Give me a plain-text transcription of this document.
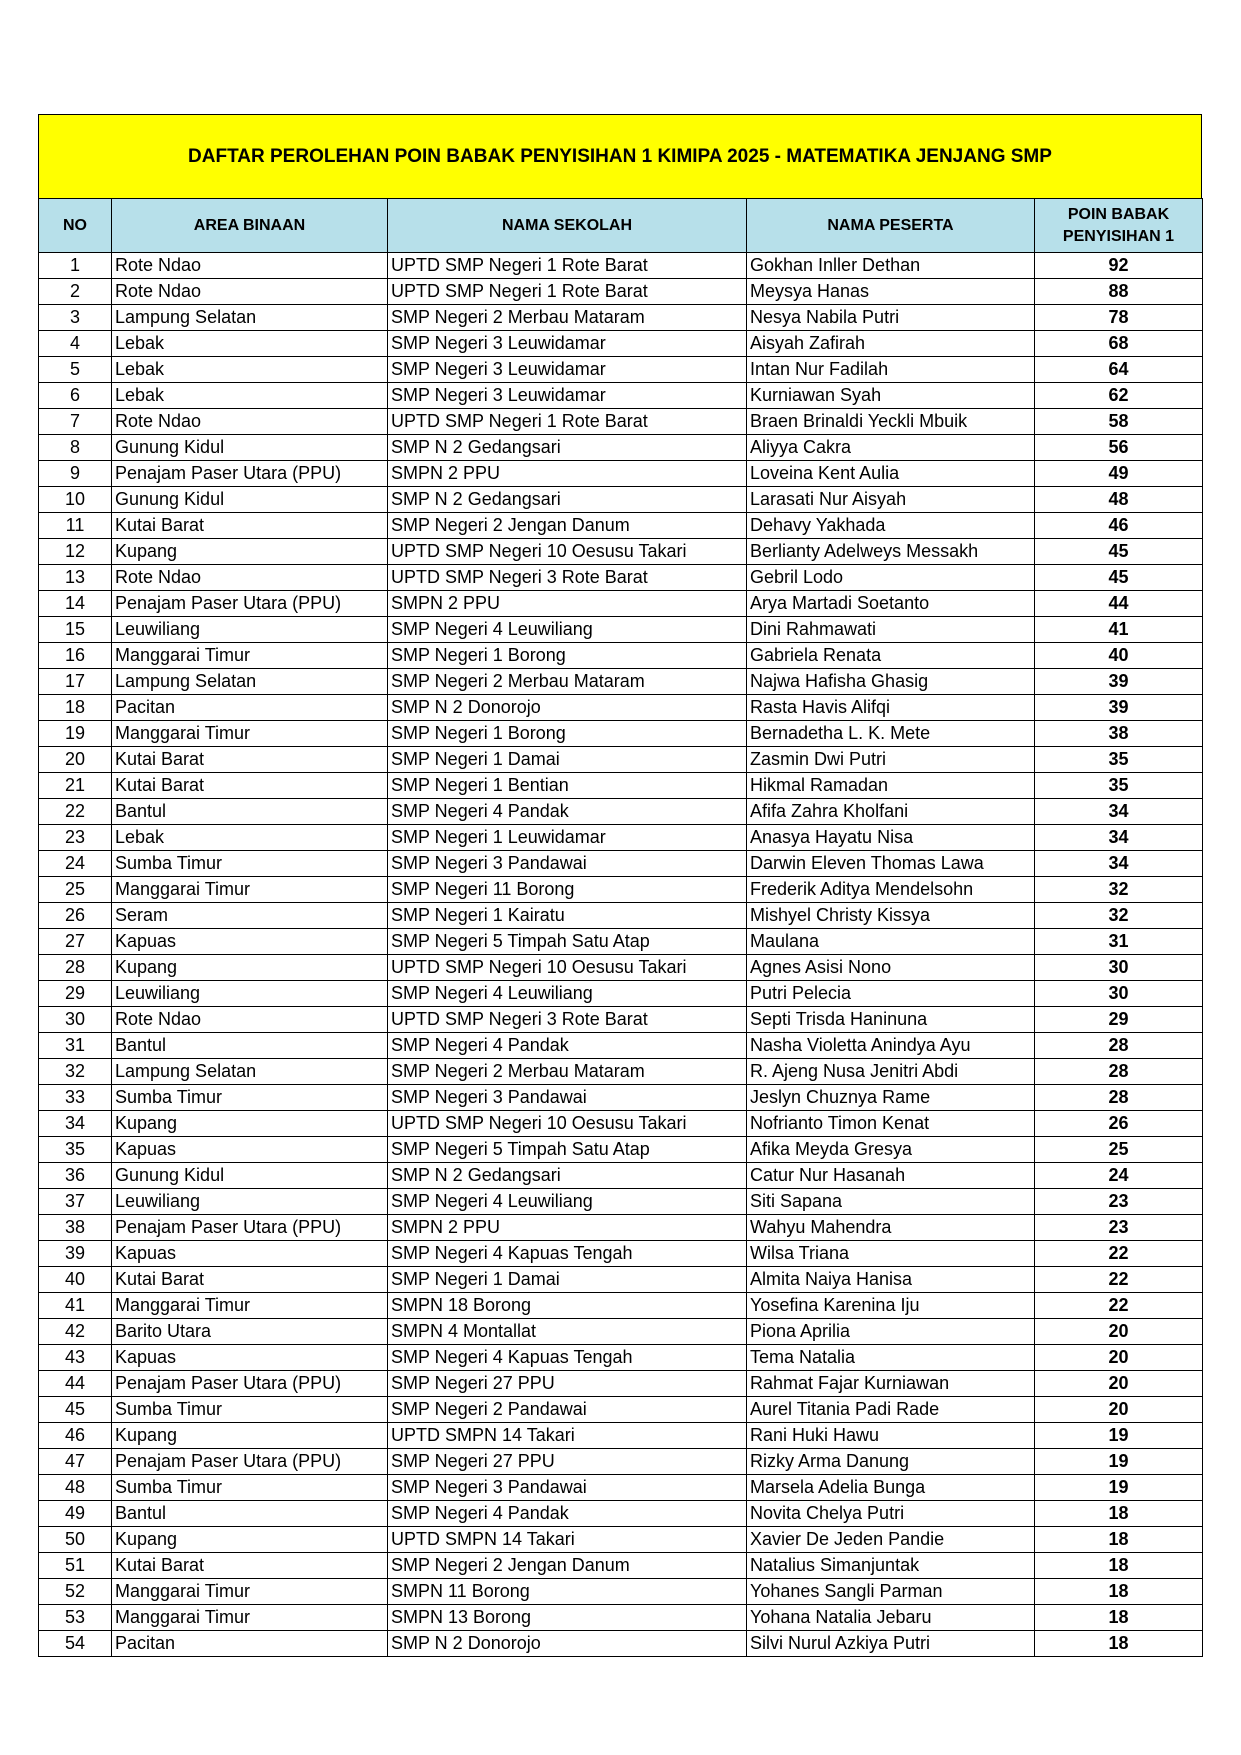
DAFTAR PEROLEHAN POIN BABAK PENYISIHAN 1 KIMIPA 2025 - MATEMATIKA JENJANG SMP
NO	AREA BINAAN	NAMA SEKOLAH	NAMA PESERTA	POIN BABAK PENYISIHAN 1
1	Rote Ndao	UPTD SMP Negeri 1 Rote Barat	Gokhan Inller Dethan	92
2	Rote Ndao	UPTD SMP Negeri 1 Rote Barat	Meysya Hanas	88
3	Lampung Selatan	SMP Negeri 2 Merbau Mataram	Nesya Nabila Putri	78
4	Lebak	SMP Negeri 3 Leuwidamar	Aisyah Zafirah	68
5	Lebak	SMP Negeri 3 Leuwidamar	Intan Nur Fadilah	64
6	Lebak	SMP Negeri 3 Leuwidamar	Kurniawan Syah	62
7	Rote Ndao	UPTD SMP Negeri 1 Rote Barat	Braen Brinaldi Yeckli Mbuik	58
8	Gunung Kidul	SMP N 2 Gedangsari	Aliyya Cakra	56
9	Penajam Paser Utara (PPU)	SMPN 2 PPU	Loveina Kent Aulia	49
10	Gunung Kidul	SMP N 2 Gedangsari	Larasati Nur Aisyah	48
11	Kutai Barat	SMP Negeri 2 Jengan Danum	Dehavy Yakhada	46
12	Kupang	UPTD SMP Negeri 10 Oesusu Takari	Berlianty Adelweys Messakh	45
13	Rote Ndao	UPTD SMP Negeri 3 Rote Barat	Gebril Lodo	45
14	Penajam Paser Utara (PPU)	SMPN 2 PPU	Arya Martadi Soetanto	44
15	Leuwiliang	SMP Negeri 4 Leuwiliang	Dini Rahmawati	41
16	Manggarai Timur	SMP Negeri 1 Borong	Gabriela Renata	40
17	Lampung Selatan	SMP Negeri 2 Merbau Mataram	Najwa Hafisha Ghasig	39
18	Pacitan	SMP N 2 Donorojo	Rasta Havis Alifqi	39
19	Manggarai Timur	SMP Negeri 1 Borong	Bernadetha L. K. Mete	38
20	Kutai Barat	SMP Negeri 1 Damai	Zasmin Dwi Putri	35
21	Kutai Barat	SMP Negeri 1 Bentian	Hikmal Ramadan	35
22	Bantul	SMP Negeri 4 Pandak	Afifa Zahra Kholfani	34
23	Lebak	SMP Negeri 1 Leuwidamar	Anasya Hayatu Nisa	34
24	Sumba Timur	SMP Negeri 3 Pandawai	Darwin Eleven Thomas Lawa	34
25	Manggarai Timur	SMP Negeri 11 Borong	Frederik Aditya Mendelsohn	32
26	Seram	SMP Negeri 1 Kairatu	Mishyel Christy Kissya	32
27	Kapuas	SMP Negeri 5 Timpah Satu Atap	Maulana	31
28	Kupang	UPTD SMP Negeri 10 Oesusu Takari	Agnes Asisi Nono	30
29	Leuwiliang	SMP Negeri 4 Leuwiliang	Putri Pelecia	30
30	Rote Ndao	UPTD SMP Negeri 3 Rote Barat	Septi Trisda Haninuna	29
31	Bantul	SMP Negeri 4 Pandak	Nasha Violetta Anindya Ayu	28
32	Lampung Selatan	SMP Negeri 2 Merbau Mataram	R. Ajeng Nusa Jenitri Abdi	28
33	Sumba Timur	SMP Negeri 3 Pandawai	Jeslyn Chuznya Rame	28
34	Kupang	UPTD SMP Negeri 10 Oesusu Takari	Nofrianto Timon Kenat	26
35	Kapuas	SMP Negeri 5 Timpah Satu Atap	Afika Meyda Gresya	25
36	Gunung Kidul	SMP N 2 Gedangsari	Catur Nur Hasanah	24
37	Leuwiliang	SMP Negeri 4 Leuwiliang	Siti Sapana	23
38	Penajam Paser Utara (PPU)	SMPN 2 PPU	Wahyu Mahendra	23
39	Kapuas	SMP Negeri 4 Kapuas Tengah	Wilsa Triana	22
40	Kutai Barat	SMP Negeri 1 Damai	Almita Naiya Hanisa	22
41	Manggarai Timur	SMPN 18 Borong	Yosefina Karenina Iju	22
42	Barito Utara	SMPN 4 Montallat	Piona Aprilia	20
43	Kapuas	SMP Negeri 4 Kapuas Tengah	Tema Natalia	20
44	Penajam Paser Utara (PPU)	SMP Negeri 27 PPU	Rahmat Fajar Kurniawan	20
45	Sumba Timur	SMP Negeri 2 Pandawai	Aurel Titania Padi Rade	20
46	Kupang	UPTD SMPN 14 Takari	Rani Huki Hawu	19
47	Penajam Paser Utara (PPU)	SMP Negeri 27 PPU	Rizky Arma Danung	19
48	Sumba Timur	SMP Negeri 3 Pandawai	Marsela Adelia Bunga	19
49	Bantul	SMP Negeri 4 Pandak	Novita Chelya Putri	18
50	Kupang	UPTD SMPN 14 Takari	Xavier De Jeden Pandie	18
51	Kutai Barat	SMP Negeri 2 Jengan Danum	Natalius Simanjuntak	18
52	Manggarai Timur	SMPN 11 Borong	Yohanes Sangli Parman	18
53	Manggarai Timur	SMPN 13 Borong	Yohana Natalia Jebaru	18
54	Pacitan	SMP N 2 Donorojo	Silvi Nurul Azkiya Putri	18
